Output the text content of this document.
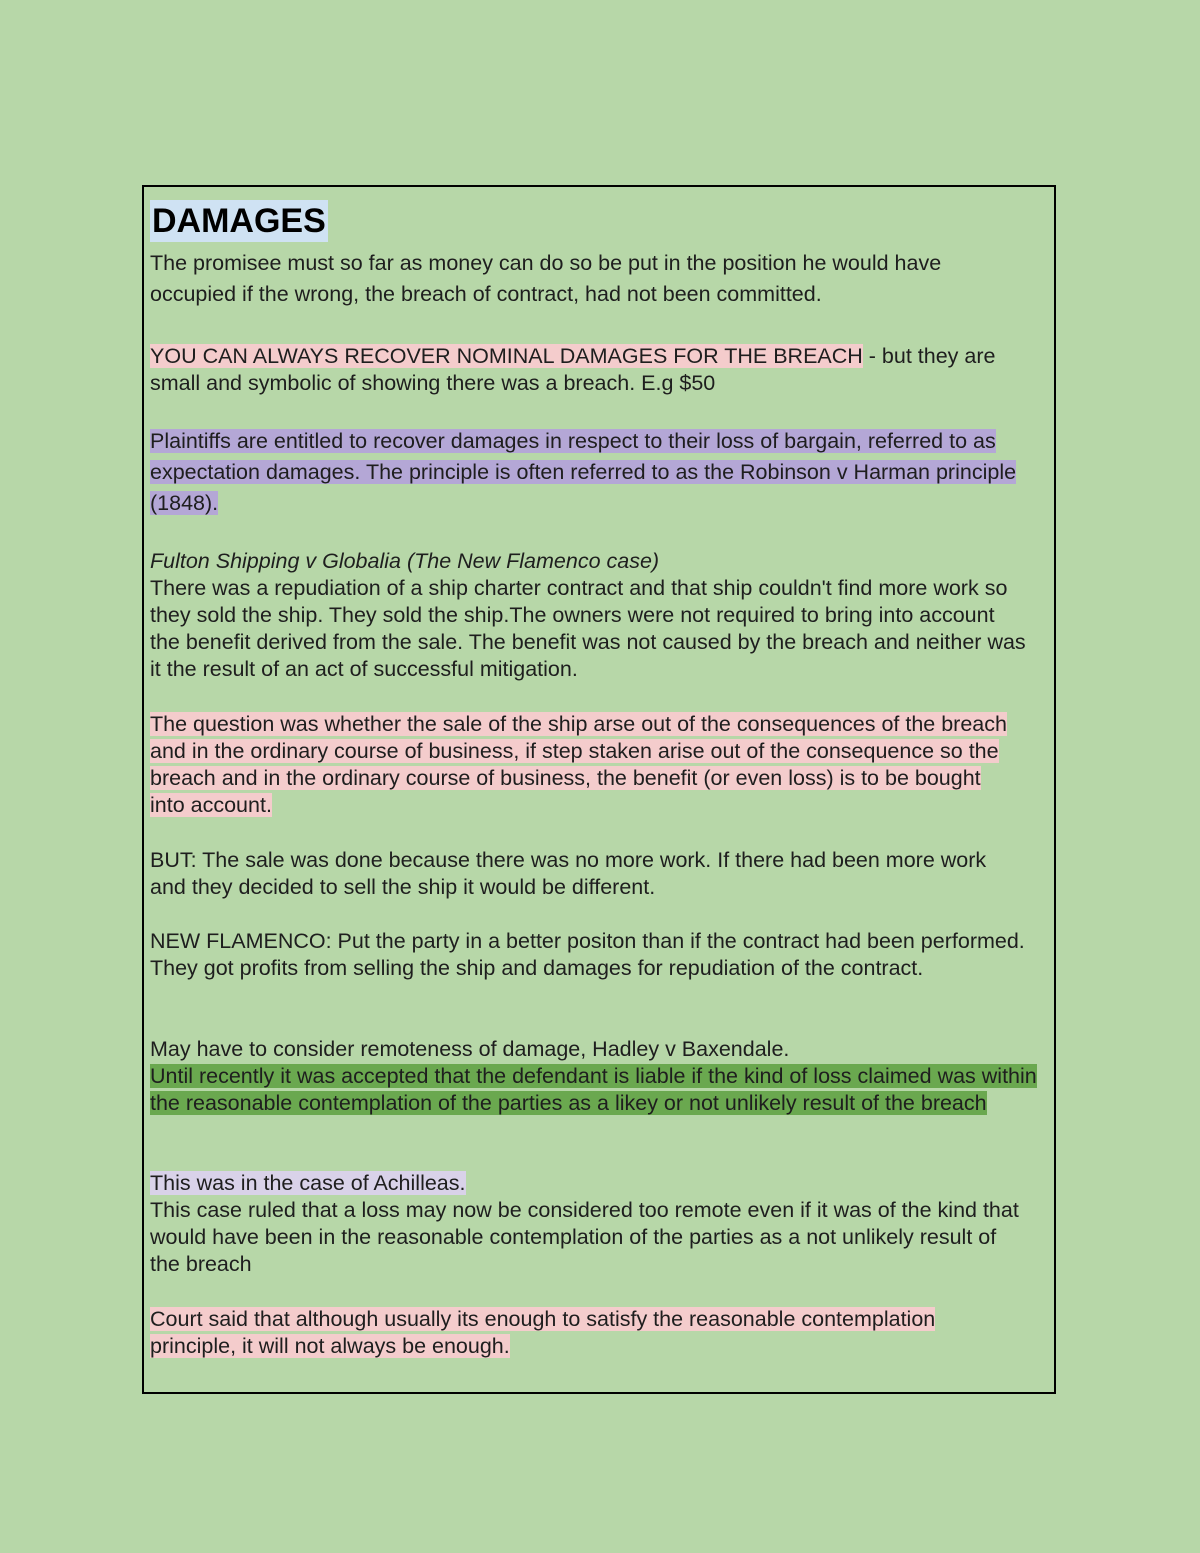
DAMAGES
The promisee must so far as money can do so be put in the position he would have occupied if the wrong, the breach of contract, had not been committed.
YOU CAN ALWAYS RECOVER NOMINAL DAMAGES FOR THE BREACH - but they are small and symbolic of showing there was a breach. E.g $50
Plaintiffs are entitled to recover damages in respect to their loss of bargain, referred to as expectation damages. The principle is often referred to as the Robinson v Harman principle (1848).
Fulton Shipping v Globalia (The New Flamenco case)
There was a repudiation of a ship charter contract and that ship couldn't find more work so they sold the ship. They sold the ship.The owners were not required to bring into account the benefit derived from the sale. The benefit was not caused by the breach and neither was it the result of an act of successful mitigation.
The question was whether the sale of the ship arse out of the consequences of the breach and in the ordinary course of business, if step staken arise out of the consequence so the breach and in the ordinary course of business, the benefit (or even loss) is to be bought into account.
BUT: The sale was done because there was no more work. If there had been more work and they decided to sell the ship it would be different.
NEW FLAMENCO: Put the party in a better positon than if the contract had been performed. They got profits from selling the ship and damages for repudiation of the contract.
May have to consider remoteness of damage, Hadley v Baxendale.
Until recently it was accepted that the defendant is liable if the kind of loss claimed was within the reasonable contemplation of the parties as a likey or not unlikely result of the breach
This was in the case of Achilleas.
This case ruled that a loss may now be considered too remote even if it was of the kind that would have been in the reasonable contemplation of the parties as a not unlikely result of the breach
Court said that although usually its enough to satisfy the reasonable contemplation principle, it will not always be enough.
